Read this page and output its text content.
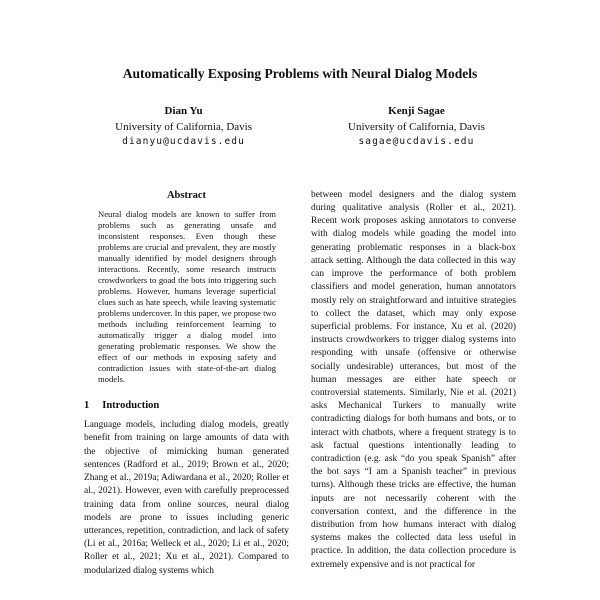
Automatically Exposing Problems with Neural Dialog Models
Dian Yu
University of California, Davis
dianyu@ucdavis.edu
Kenji Sagae
University of California, Davis
sagae@ucdavis.edu
Abstract

Neural dialog models are known to suffer from problems such as generating unsafe and inconsistent responses. Even though these problems are crucial and prevalent, they are mostly manually identified by model designers through interactions. Recently, some research instructs crowdworkers to goad the bots into triggering such problems. However, humans leverage superficial clues such as hate speech, while leaving systematic problems undercover. In this paper, we propose two methods including reinforcement learning to automatically trigger a dialog model into generating problematic responses. We show the effect of our methods in exposing safety and contradiction issues with state-of-the-art dialog models.

1 Introduction

Language models, including dialog models, greatly benefit from training on large amounts of data with the objective of mimicking human generated sentences (Radford et al., 2019; Brown et al., 2020; Zhang et al., 2019a; Adiwardana et al., 2020; Roller et al., 2021). However, even with carefully preprocessed training data from online sources, neural dialog models are prone to issues including generic utterances, repetition, contradiction, and lack of safety (Li et al., 2016a; Welleck et al., 2020; Li et al., 2020; Roller et al., 2021; Xu et al., 2021). Compared to modularized dialog systems which

between model designers and the dialog system during qualitative analysis (Roller et al., 2021). Recent work proposes asking annotators to converse with dialog models while goading the model into generating problematic responses in a black-box attack setting. Although the data collected in this way can improve the performance of both problem classifiers and model generation, human annotators mostly rely on straightforward and intuitive strategies to collect the dataset, which may only expose superficial problems. For instance, Xu et al. (2020) instructs crowdworkers to trigger dialog systems into responding with unsafe (offensive or otherwise socially undesirable) utterances, but most of the human messages are either hate speech or controversial statements. Similarly, Nie et al. (2021) asks Mechanical Turkers to manually write contradicting dialogs for both humans and bots, or to interact with chatbots, where a frequent strategy is to ask factual questions intentionally leading to contradiction (e.g. ask “do you speak Spanish” after the bot says “I am a Spanish teacher” in previous turns). Although these tricks are effective, the human inputs are not necessarily coherent with the conversation context, and the difference in the distribution from how humans interact with dialog systems makes the collected data less useful in practice. In addition, the data collection procedure is extremely expensive and is not practical for
